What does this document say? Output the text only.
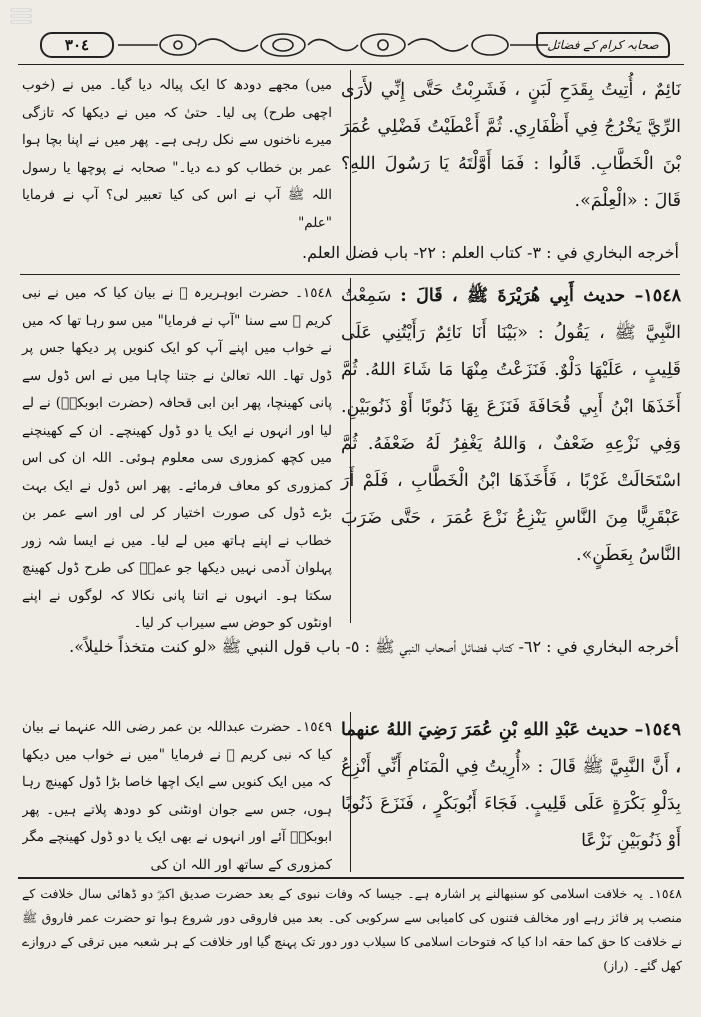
٣٠٤	صحابہ کرام کے فضائل
نَائِمٌ ، أُتِيتُ بِقَدَحِ لَبَنٍ ، فَشَرِبْتُ حَتَّى إِنِّي لأَرَى الرِّيَّ يَخْرُجُ فِي أَظْفَارِي. ثُمَّ أَعْطَيْتُ فَضْلِي عُمَرَ بْنَ الْخَطَّابِ. قَالُوا : فَمَا أَوَّلْتَهُ يَا رَسُولَ اللهِ؟ قَالَ : «الْعِلْمَ».
میں) مجھے دودھ کا ایک پیالہ دیا گیا۔ میں نے (خوب اچھی طرح) پی لیا۔ حتیٰ کہ میں نے دیکھا کہ تازگی میرے ناخنوں سے نکل رہی ہے۔ پھر میں نے اپنا بچا ہوا عمر بن خطاب کو دے دیا۔" صحابہ نے پوچھا یا رسول اللہ ﷺ آپ نے اس کی کیا تعبیر لی؟ آپ نے فرمایا "علم"
أخرجه البخاري في : ٣- كتاب العلم : ٢٢- باب فضل العلم.
١٥٤٨– حديث أَبِي هُرَيْرَةَ ﷺ ، قَالَ : سَمِعْتُ النَّبِيَّ ﷺ ، يَقُولُ : «بَيْنَا أَنَا نَائِمٌ رَأَيْتُنِي عَلَى قَلِيبٍ ، عَلَيْهَا دَلْوٌ. فَنَزَعْتُ مِنْهَا مَا شَاءَ اللهُ. ثُمَّ أَخَذَهَا ابْنُ أَبِي قُحَافَةَ فَنَزَعَ بِهَا ذَنُوبًا أَوْ ذَنُوبَيْنِ. وَفِي نَزْعِهِ ضَعْفٌ ، وَاللهُ يَغْفِرُ لَهُ ضَعْفَهُ. ثُمَّ اسْتَحَالَتْ غَرْبًا ، فَأَخَذَهَا ابْنُ الْخَطَّابِ ، فَلَمْ أَرَ عَبْقَرِيًّا مِنَ النَّاسِ يَنْزِعُ نَزْعَ عُمَرَ ، حَتَّى ضَرَبَ النَّاسُ بِعَطَنٍ».
١٥٤٨۔ حضرت ابوہریرہ ﷺ نے بیان کیا کہ میں نے نبی کریم ﷺ سے سنا "آپ نے فرمایا" میں سو رہا تھا کہ میں نے خواب میں اپنے آپ کو ایک کنویں پر دیکھا جس پر ڈول تھا۔ اللہ تعالیٰ نے جتنا چاہا میں نے اس ڈول سے پانی کھینچا، پھر ابن ابی قحافہ (حضرت ابوبکرؓ) نے لے لیا اور انہوں نے ایک یا دو ڈول کھینچے۔ ان کے کھینچنے میں کچھ کمزوری سی معلوم ہوئی۔ اللہ ان کی اس کمزوری کو معاف فرمائے۔ پھر اس ڈول نے ایک بہت بڑے ڈول کی صورت اختیار کر لی اور اسے عمر بن خطاب نے اپنے ہاتھ میں لے لیا۔ میں نے ایسا شہ زور پہلوان آدمی نہیں دیکھا جو عمرؓ کی طرح ڈول کھینچ سکتا ہو۔ انہوں نے اتنا پانی نکالا کہ لوگوں نے اپنے اونٹوں کو حوض سے سیراب کر لیا۔
أخرجه البخاري في : ٦٢- كتاب فضائل أصحاب النبي ﷺ : ٥- باب قول النبي ﷺ «لو كنت متخذاً خليلاً».
١٥٤٩– حديث عَبْدِ اللهِ بْنِ عُمَرَ رَضِيَ اللهُ عنهما ، أَنَّ النَّبِيَّ ﷺ قَالَ : «أُرِيتُ فِي الْمَنَامِ أَنِّي أَنْزِعُ بِدَلْوِ بَكْرَةٍ عَلَى قَلِيبٍ. فَجَاءَ أَبُوبَكْرٍ ، فَنَزَعَ ذَنُوبًا أَوْ ذَنُوبَيْنِ نَزْعًا
١٥٤٩۔ حضرت عبداللہ بن عمر رضی اللہ عنہما نے بیان کیا کہ نبی کریم ﷺ نے فرمایا "میں نے خواب میں دیکھا کہ میں ایک کنویں سے ایک اچھا خاصا بڑا ڈول کھینچ رہا ہوں، جس سے جوان اونٹنی کو دودھ پلاتے ہیں۔ پھر ابوبکرؓ آئے اور انہوں نے بھی ایک یا دو ڈول کھینچے مگر کمزوری کے ساتھ اور اللہ ان کی
١٥٤٨۔ یہ خلافت اسلامی کو سنبھالنے پر اشارہ ہے۔ جیسا کہ وفات نبوی کے بعد حضرت صدیق اکبرؓ دو ڈھائی سال خلافت کے منصب پر فائز رہے اور مخالف فتنوں کی کامیابی سے سرکوبی کی۔ بعد میں فاروقی دور شروع ہوا تو حضرت عمر فاروق ﷺ نے خلافت کا حق کما حقہ ادا کیا کہ فتوحات اسلامی کا سیلاب دور دور تک پہنچ گیا اور خلافت کے ہر شعبہ میں ترقی کے دروازے کھل گئے۔ (راز)
